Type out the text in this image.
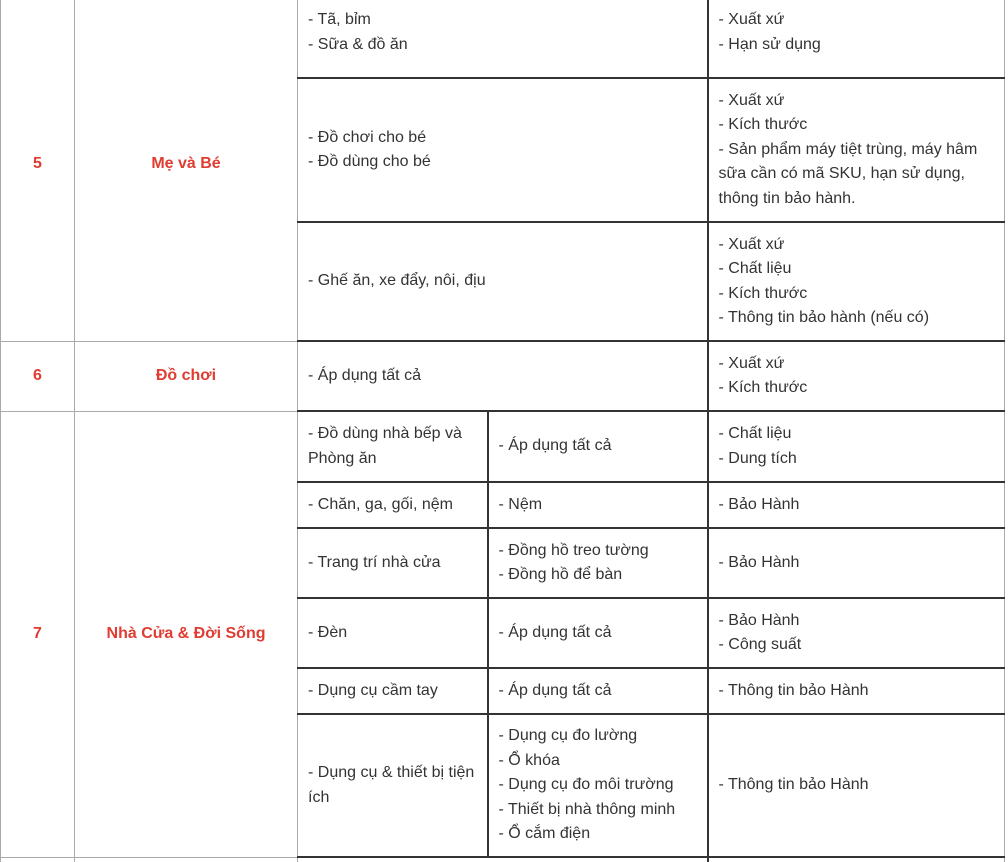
5	Mẹ và Bé	- Tã, bỉm
- Sữa & đồ ăn		- Xuất xứ
- Hạn sử dụng

		- Đồ chơi cho bé
- Đồ dùng cho bé		- Xuất xứ
- Kích thước
- Sản phẩm máy tiệt trùng, máy hâm sữa cần có mã SKU, hạn sử dụng, thông tin bảo hành.

		- Ghế ăn, xe đẩy, nôi, địu		- Xuất xứ
- Chất liệu
- Kích thước
- Thông tin bảo hành (nếu có)

6	Đồ chơi	- Áp dụng tất cả		- Xuất xứ
- Kích thước

7	Nhà Cửa & Đời Sống	- Đồ dùng nhà bếp và Phòng ăn	- Áp dụng tất cả	- Chất liệu
- Dung tích

		- Chăn, ga, gối, nệm	- Nệm	- Bảo Hành

		- Trang trí nhà cửa	- Đồng hồ treo tường
- Đồng hồ để bàn	- Bảo Hành

		- Đèn	- Áp dụng tất cả	- Bảo Hành
- Công suất

		- Dụng cụ cầm tay	- Áp dụng tất cả	- Thông tin bảo Hành

		- Dụng cụ & thiết bị tiện ích	- Dụng cụ đo lường
- Ổ khóa
- Dụng cụ đo môi trường
- Thiết bị nhà thông minh
- Ổ cắm điện	- Thông tin bảo Hành
